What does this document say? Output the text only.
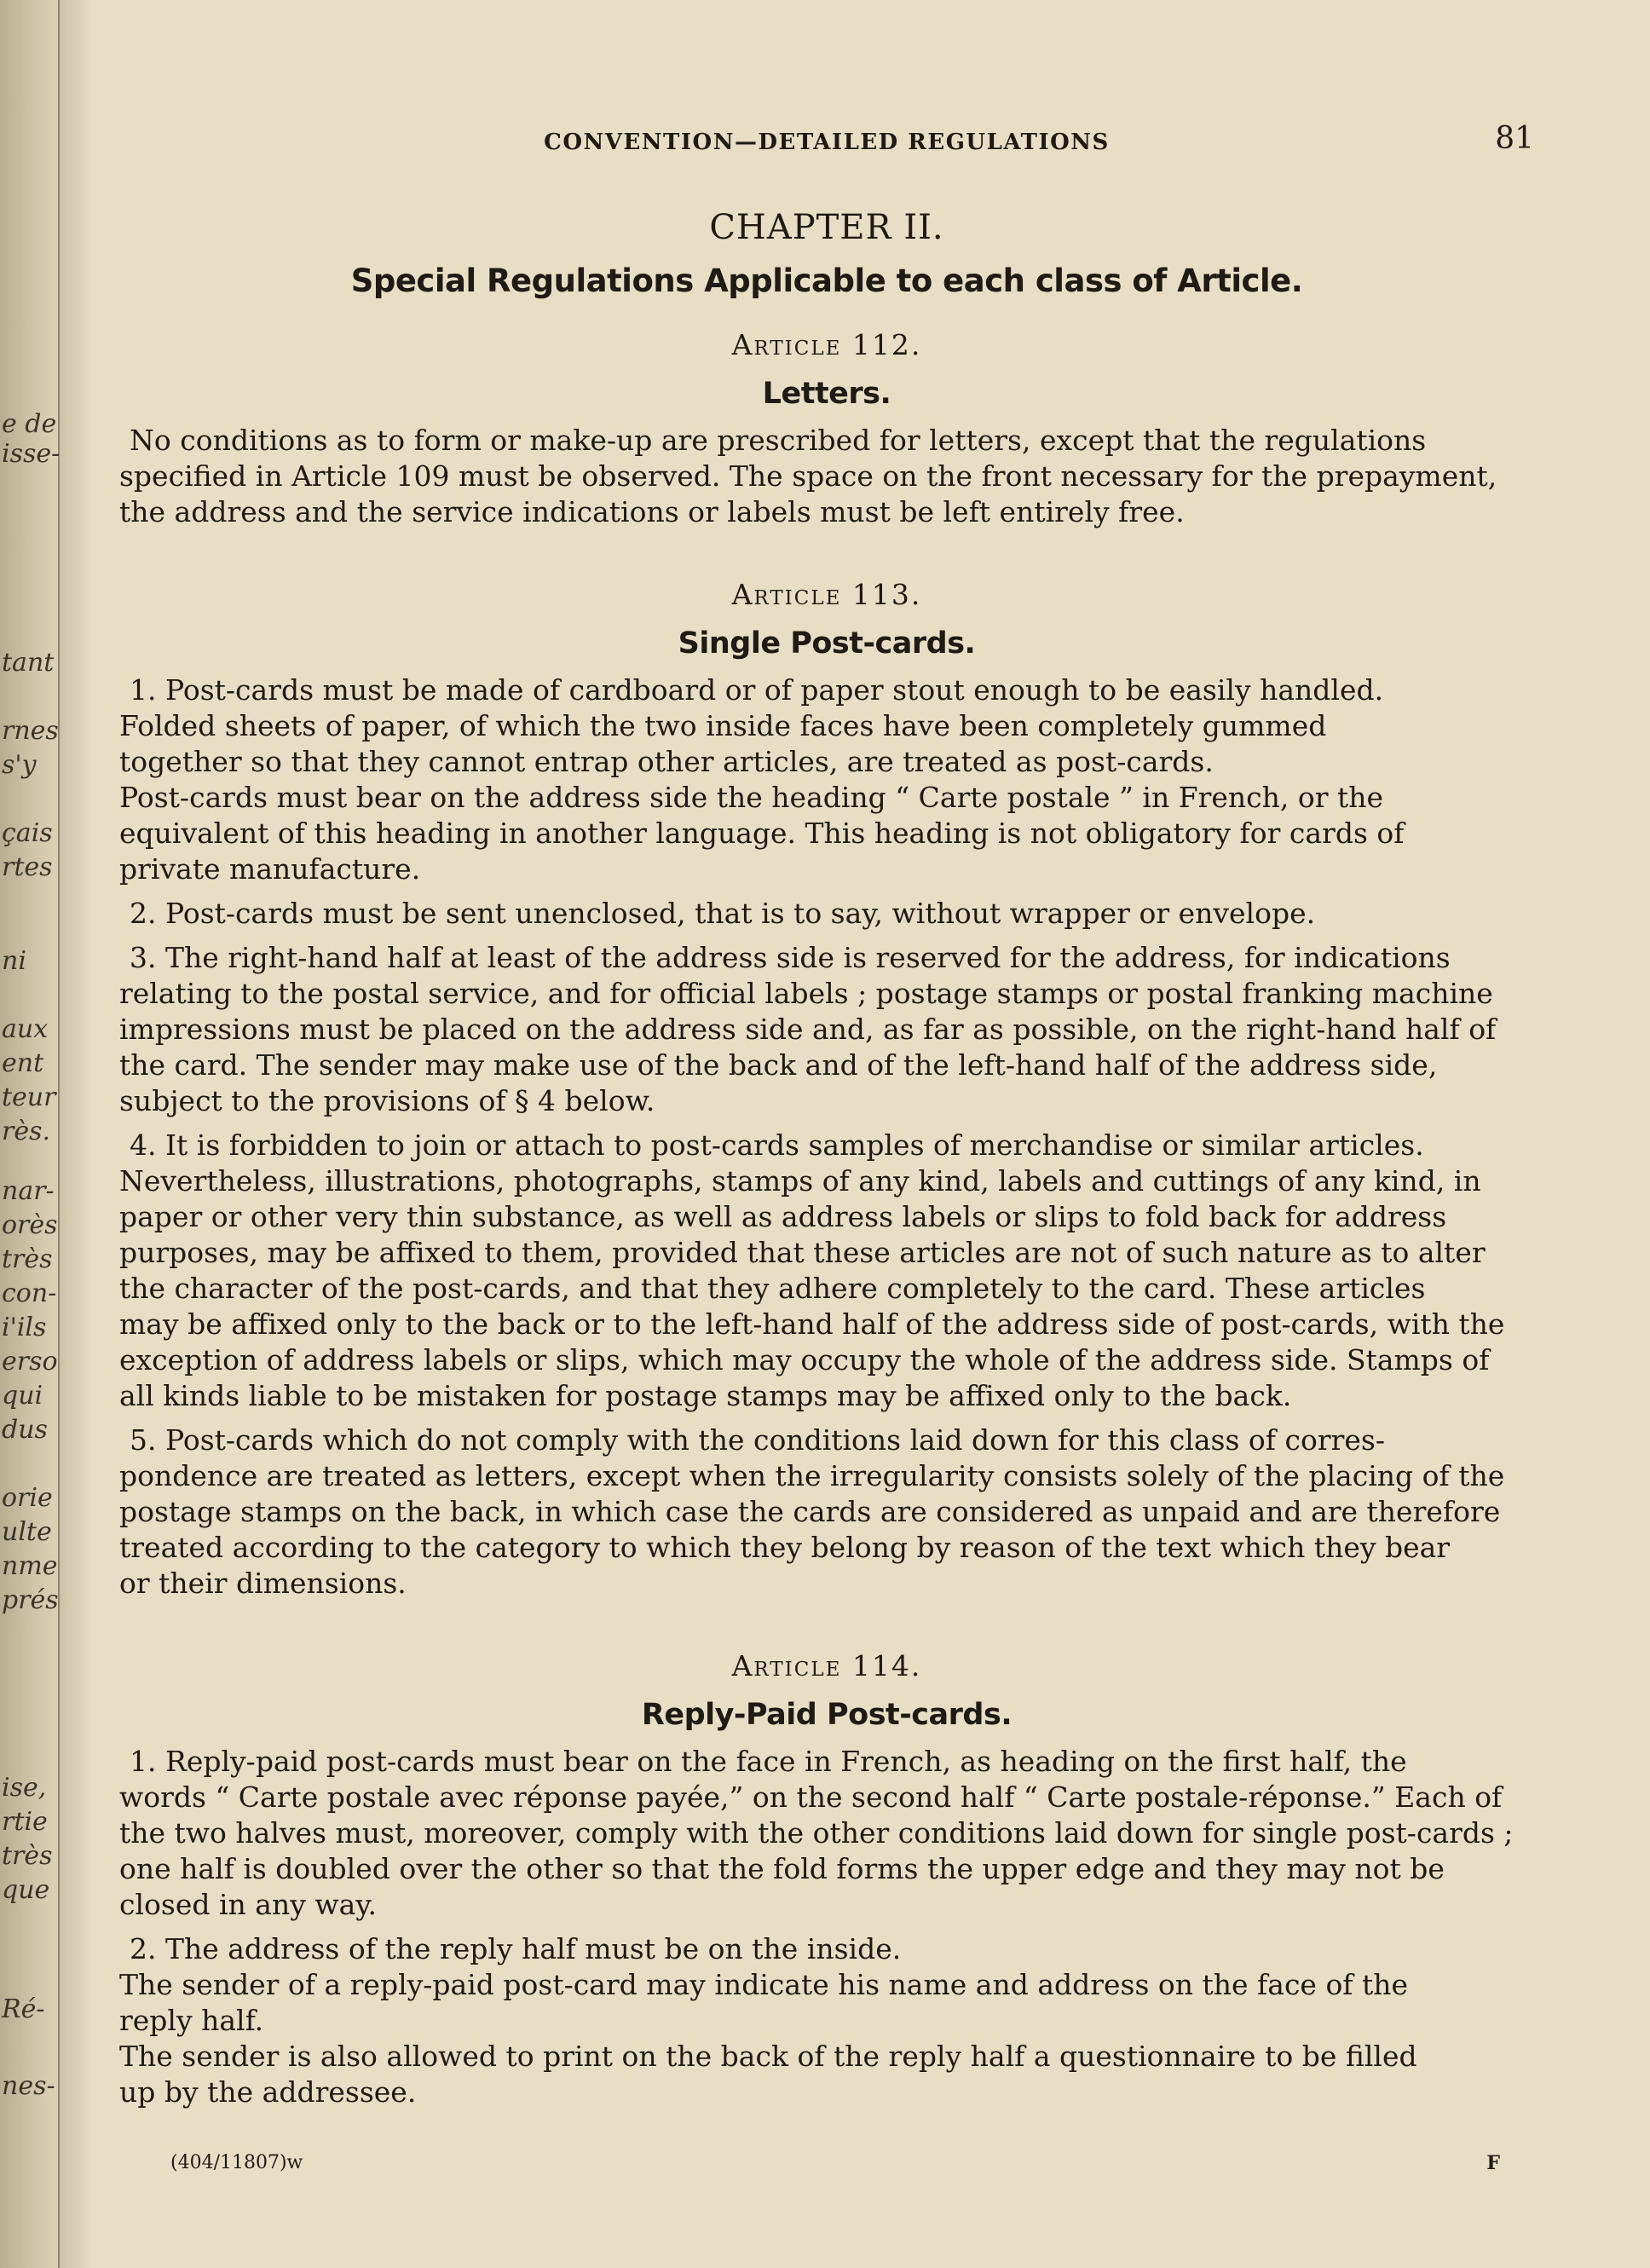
e de
isse-
tant
rnes
s'y
çais
rtes
ni
aux
ent
teur
rès.
nar-
orès
très
con-
i'ils
erso
qui
dus
orie
ulte
nme
prés
ise,
rtie
très
que
Ré-
nes-
CONVENTION—DETAILED REGULATIONS	81
CHAPTER II.
Special Regulations Applicable to each class of Article.
Article 112.
Letters.
No conditions as to form or make-up are prescribed for letters, except that the regulations
specified in Article 109 must be observed. The space on the front necessary for the prepayment,
the address and the service indications or labels must be left entirely free.
Article 113.
Single Post-cards.
1. Post-cards must be made of cardboard or of paper stout enough to be easily handled.
Folded sheets of paper, of which the two inside faces have been completely gummed
together so that they cannot entrap other articles, are treated as post-cards.
Post-cards must bear on the address side the heading “ Carte postale ” in French, or the
equivalent of this heading in another language. This heading is not obligatory for cards of
private manufacture.
2. Post-cards must be sent unenclosed, that is to say, without wrapper or envelope.
3. The right-hand half at least of the address side is reserved for the address, for indications
relating to the postal service, and for official labels ; postage stamps or postal franking machine
impressions must be placed on the address side and, as far as possible, on the right-hand half of
the card. The sender may make use of the back and of the left-hand half of the address side,
subject to the provisions of § 4 below.
4. It is forbidden to join or attach to post-cards samples of merchandise or similar articles.
Nevertheless, illustrations, photographs, stamps of any kind, labels and cuttings of any kind, in
paper or other very thin substance, as well as address labels or slips to fold back for address
purposes, may be affixed to them, provided that these articles are not of such nature as to alter
the character of the post-cards, and that they adhere completely to the card. These articles
may be affixed only to the back or to the left-hand half of the address side of post-cards, with the
exception of address labels or slips, which may occupy the whole of the address side. Stamps of
all kinds liable to be mistaken for postage stamps may be affixed only to the back.
5. Post-cards which do not comply with the conditions laid down for this class of corres-
pondence are treated as letters, except when the irregularity consists solely of the placing of the
postage stamps on the back, in which case the cards are considered as unpaid and are therefore
treated according to the category to which they belong by reason of the text which they bear
or their dimensions.
Article 114.
Reply-Paid Post-cards.
1. Reply-paid post-cards must bear on the face in French, as heading on the first half, the
words “ Carte postale avec réponse payée,” on the second half “ Carte postale-réponse.” Each of
the two halves must, moreover, comply with the other conditions laid down for single post-cards ;
one half is doubled over the other so that the fold forms the upper edge and they may not be
closed in any way.
2. The address of the reply half must be on the inside.
The sender of a reply-paid post-card may indicate his name and address on the face of the
reply half.
The sender is also allowed to print on the back of the reply half a questionnaire to be filled
up by the addressee.
(404/11807)w	F
